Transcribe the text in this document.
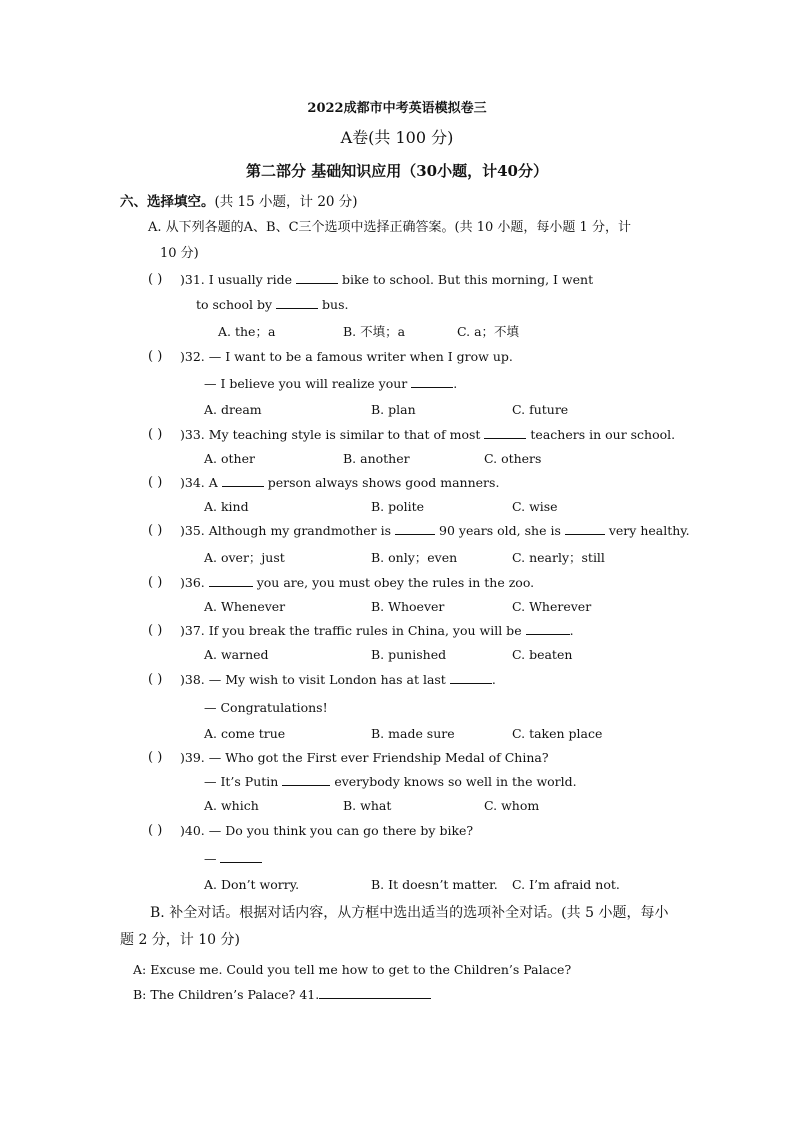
2022成都市中考英语模拟卷三
A卷(共 100 分)
第二部分 基础知识应用（30小题，计40分）
六、选择填空。(共 15 小题，计 20 分)
A. 从下列各题的A、B、C三个选项中选择正确答案。(共 10 小题，每小题 1 分，计
10 分)
( ) )31. I usually ride	bike to school. But this morning, I went
to school by	bus.
A. the；a	B. 不填；a	C. a；不填
( ) )32. — I want to be a famous writer when I grow up.
— I believe you will realize your	.
A. dream	B. plan	C. future
( ) )33. My teaching style is similar to that of most	teachers in our school.
A. other	B. another	C. others
( ) )34. A	person always shows good manners.
A. kind	B. polite	C. wise
( ) )35. Although my grandmother is	90 years old, she is	very healthy.
A. over；just	B. only；even	C. nearly；still
( ) )36.	you are, you must obey the rules in the zoo.
A. Whenever	B. Whoever	C. Wherever
( ) )37. If you break the traffic rules in China, you will be	.
A. warned	B. punished	C. beaten
( ) )38. — My wish to visit London has at last	.
— Congratulations!
A. come true	B. made sure	C. taken place
( ) )39. — Who got the First ever Friendship Medal of China?
— It’s Putin	everybody knows so well in the world.
A. which	B. what	C. whom
( ) )40. — Do you think you can go there by bike?
—
A. Don’t worry.	B. It doesn’t matter. C. I’m afraid not.
B. 补全对话。根据对话内容，从方框中选出适当的选项补全对话。(共 5 小题，每小题 2 分，计 10 分)
A: Excuse me. Could you tell me how to get to the Children’s Palace?
B: The Children’s Palace? 41.
